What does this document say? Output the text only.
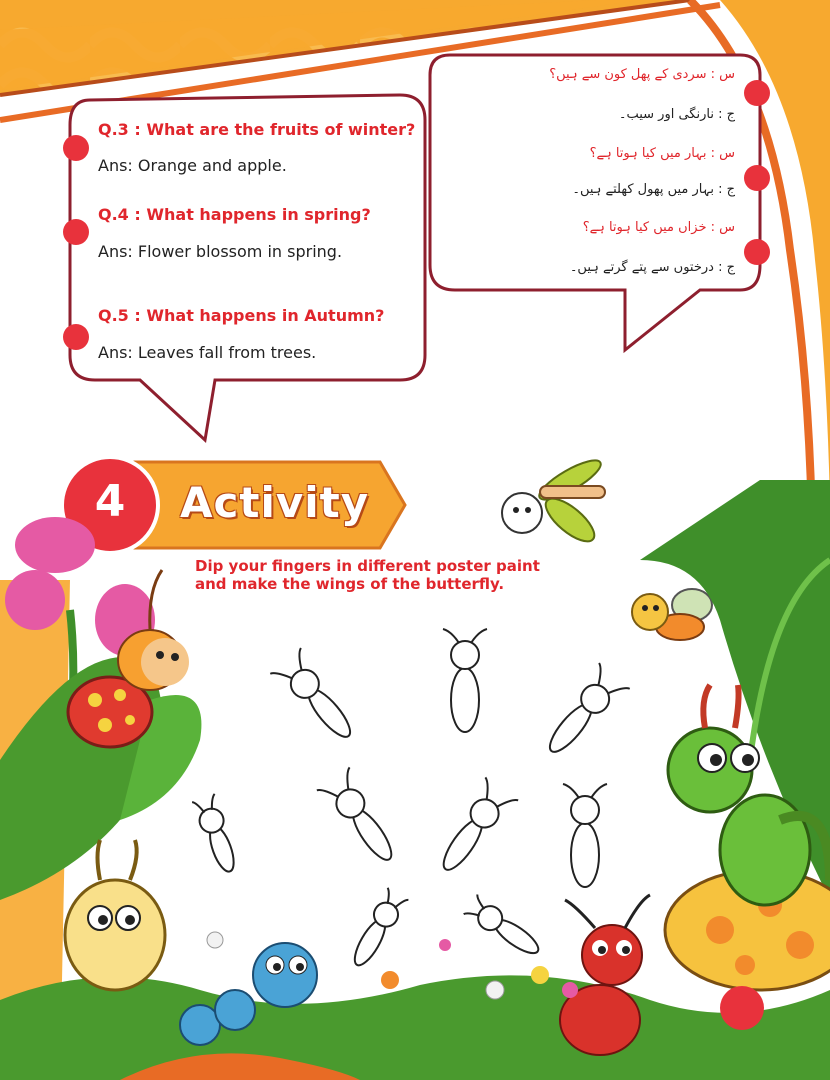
Q.3 : What are the fruits of winter?
Ans: Orange and apple.
Q.4 : What happens in spring?
Ans: Flower blossom in spring.
Q.5 : What happens in Autumn?
Ans: Leaves fall from trees.
س : سردی کے پھل کون سے ہیں؟
ج : نارنگی اور سیب۔
س : بہار میں کیا ہوتا ہے؟
ج : بہار میں پھول کھلتے ہیں۔
س : خزاں میں کیا ہوتا ہے؟
ج : درختوں سے پتے گرتے ہیں۔
4	Activity
Dip your fingers in different poster paint and make the wings of the butterfly.
